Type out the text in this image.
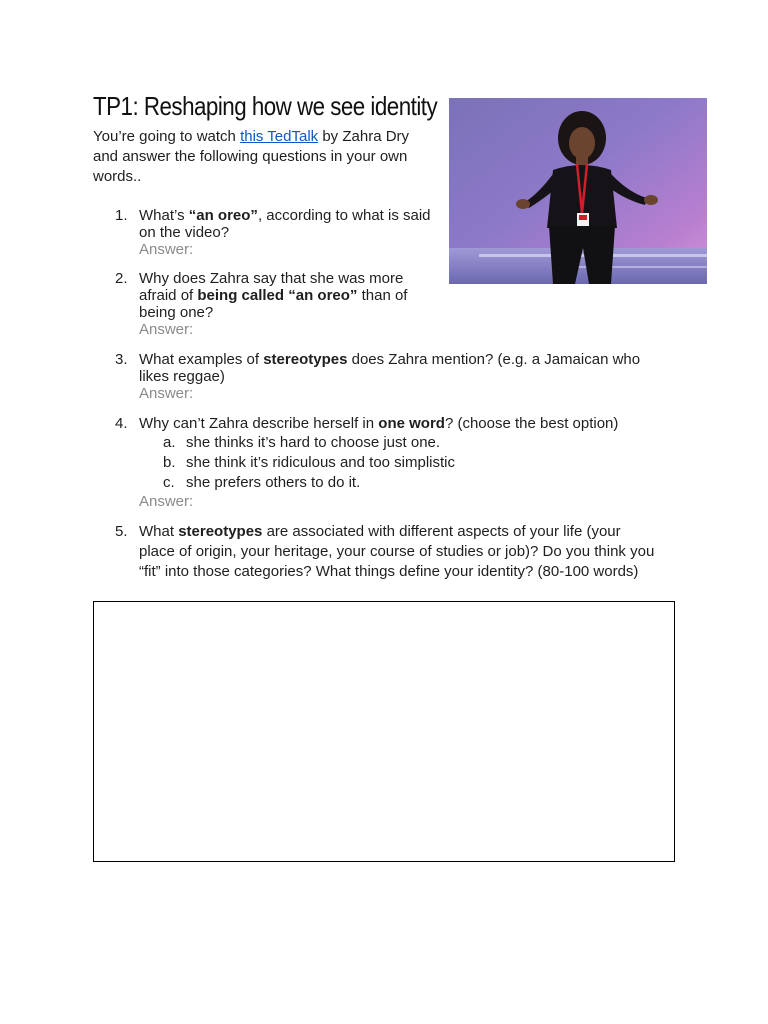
TP1: Reshaping how we see identity
You’re going to watch this TedTalk by Zahra Dry and answer the following questions in your own words..
1. What’s “an oreo”, according to what is said
on the video?
Answer:
2. Why does Zahra say that she was more
afraid of being called “an oreo” than of
being one?
Answer:
3. What examples of stereotypes does Zahra mention? (e.g. a Jamaican who
likes reggae)
Answer:
4. Why can’t Zahra describe herself in one word? (choose the best option)
a. she thinks it’s hard to choose just one.
b. she think it’s ridiculous and too simplistic
c. she prefers others to do it.
Answer:
5. What stereotypes are associated with different aspects of your life (your
place of origin, your heritage, your course of studies or job)? Do you think you
“fit” into those categories? What things define your identity? (80-100 words)
